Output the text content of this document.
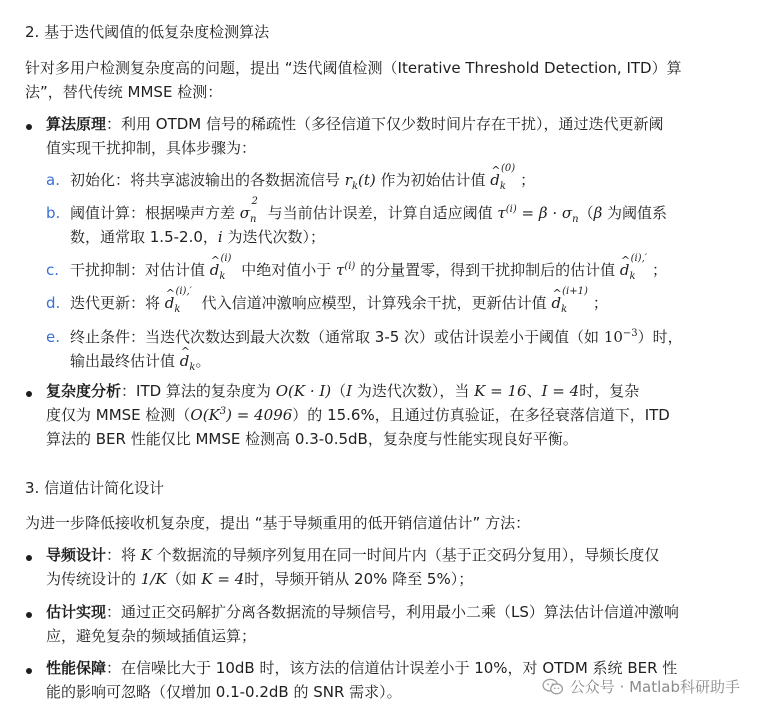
2. 基于迭代阈值的低复杂度检测算法
针对多用户检测复杂度高的问题，提出 “迭代阈值检测（Iterative Threshold Detection, ITD）算
法”，替代传统 MMSE 检测：
算法原理：利用 OTDM 信号的稀疏性（多径信道下仅少数时间片存在干扰），通过迭代更新阈
值实现干扰抑制，具体步骤为：
a. 初始化：将共享滤波输出的各数据流信号 $r_k(t)$ 作为初始估计值 ^ $d_k^{(0)}$；
b. 阈值计算：根据噪声方差 $\sigma_n^2$ 与当前估计误差，计算自适应阈值 $\tau^{(i)} = \beta \cdot \sigma_n(\beta$ 为阈值系
数，通常取 1.5-2.0，i 为迭代次数）；
c. 干扰抑制：对估计值 ^ $d_k^{(i)}$ 中绝对值小于 $\tau^{(i)}$ 的分量置零，得到干扰抑制后的估计值 ^ $d_k^{(i),'}$；
d. 迭代更新：将 ^ $d_k^{(i),'}$ 代入信道冲激响应模型，计算残余干扰，更新估计值 ^ $d_k^{(i+1)}$；
e. 终止条件：当迭代次数达到最大次数（通常取 3-5 次）或估计误差小于阈值（如 $10^{-3}$）时，
输出最终估计值 ^ $d_k$。
复杂度分析：ITD 算法的复杂度为 O(K · I)（I 为迭代次数），当 K = 16、I = 4时，复杂
度仅为 MMSE 检测$(O(K^3) = 4096)$的 15.6%，且通过仿真验证，在多径衰落信道下，ITD
算法的 BER 性能仅比 MMSE 检测高 0.3-0.5dB，复杂度与性能实现良好平衡。
3. 信道估计简化设计
为进一步降低接收机复杂度，提出 “基于导频重用的低开销信道估计” 方法：
导频设计：将 K 个数据流的导频序列复用在同一时间片内（基于正交码分复用），导频长度仅
为传统设计的 1/K（如 K = 4时，导频开销从 20% 降至 5%）；
估计实现：通过正交码解扩分离各数据流的导频信号，利用最小二乘（LS）算法估计信道冲激响
应，避免复杂的频域插值运算；
性能保障：在信噪比大于 10dB 时，该方法的信道估计误差小于 10%，对 OTDM 系统 BER 性
能的影响可忽略（仅增加 0.1-0.2dB 的 SNR 需求）。	公众号 · Matlab科研助手
